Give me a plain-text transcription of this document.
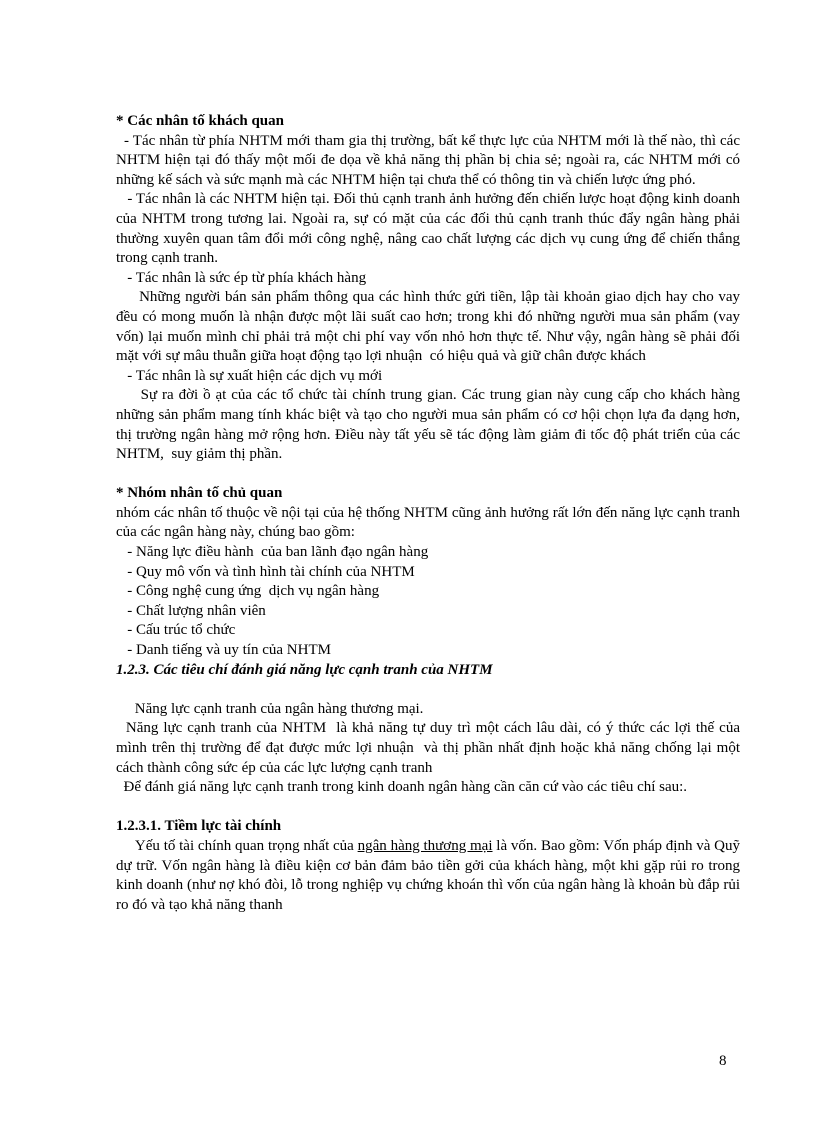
* Các nhân tố khách quan

- Tác nhân từ phía NHTM mới tham gia thị trường, bất kể thực lực của NHTM mới là thế nào, thì các NHTM hiện tại đó thấy một mối đe dọa về khả năng thị phần bị chia sẻ; ngoài ra, các NHTM mới có những kế sách và sức mạnh mà các NHTM hiện tại chưa thể có thông tin và chiến lược ứng phó.

- Tác nhân là các NHTM hiện tại. Đối thủ cạnh tranh ảnh hưởng đến chiến lược hoạt động kinh doanh của NHTM trong tương lai. Ngoài ra, sự có mặt của các đối thủ cạnh tranh thúc đẩy ngân hàng phải thường xuyên quan tâm đổi mới công nghệ, nâng cao chất lượng các dịch vụ cung ứng để chiến thắng trong cạnh tranh.

- Tác nhân là sức ép từ phía khách hàng

Những người bán sản phẩm thông qua các hình thức gửi tiền, lập tài khoản giao dịch hay cho vay đều có mong muốn là nhận được một lãi suất cao hơn; trong khi đó những người mua sản phẩm (vay vốn) lại muốn mình chỉ phải trả một chi phí vay vốn nhỏ hơn thực tế. Như vậy, ngân hàng sẽ phải đối mặt với sự mâu thuẫn giữa hoạt động tạo lợi nhuận  có hiệu quả và giữ chân được khách

- Tác nhân là sự xuất hiện các dịch vụ mới

Sự ra đời ồ ạt của các tổ chức tài chính trung gian. Các trung gian này cung cấp cho khách hàng những sản phẩm mang tính khác biệt và tạo cho người mua sản phẩm có cơ hội chọn lựa đa dạng hơn, thị trường ngân hàng mở rộng hơn. Điều này tất yếu sẽ tác động làm giảm đi tốc độ phát triển của các NHTM,  suy giảm thị phần.

* Nhóm nhân tố chủ quan

nhóm các nhân tố thuộc về nội tại của hệ thống NHTM cũng ảnh hưởng rất lớn đến năng lực cạnh tranh của các ngân hàng này, chúng bao gồm:

- Năng lực điều hành  của ban lãnh đạo ngân hàng

- Quy mô vốn và tình hình tài chính của NHTM

- Công nghệ cung ứng  dịch vụ ngân hàng

- Chất lượng nhân viên

- Cấu trúc tổ chức

- Danh tiếng và uy tín của NHTM

1.2.3. Các tiêu chí đánh giá năng lực cạnh tranh của NHTM

Năng lực cạnh tranh của ngân hàng thương mại.

Năng lực cạnh tranh của NHTM  là khả năng tự duy trì một cách lâu dài, có ý thức các lợi thế của mình trên thị trường để đạt được mức lợi nhuận  và thị phần nhất định hoặc khả năng chống lại một cách thành công sức ép của các lực lượng cạnh tranh

Để đánh giá năng lực cạnh tranh trong kinh doanh ngân hàng cần căn cứ vào các tiêu chí sau:.

1.2.3.1. Tiềm lực tài chính

Yếu tố tài chính quan trọng nhất của ngân hàng thương mại là vốn. Bao gồm: Vốn pháp định và Quỹ dự trữ. Vốn ngân hàng là điều kiện cơ bản đảm bảo tiền gởi của khách hàng, một khi gặp rủi ro trong kinh doanh (như nợ khó đòi, lỗ trong nghiệp vụ chứng khoán thì vốn của ngân hàng là khoản bù đắp rủi ro đó và tạo khả năng thanh

8
